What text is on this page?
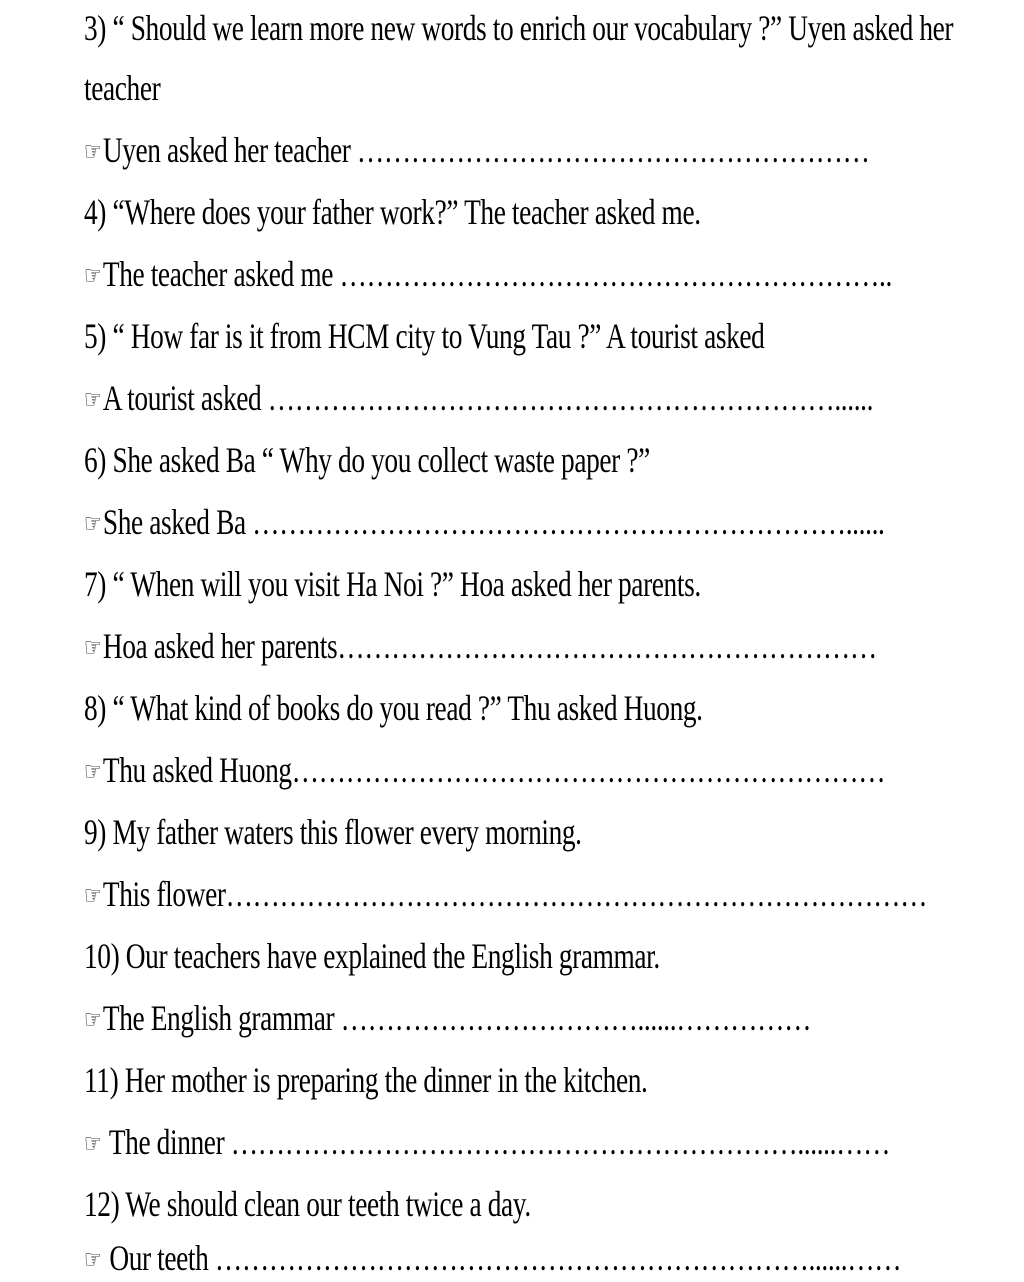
3) “ Should we learn more new words to enrich our vocabulary ?” Uyen asked her
teacher
☞Uyen asked her teacher …………………………………………………
4) “Where does your father work?” The teacher asked me.
☞The teacher asked me ……………………………………………………..
5) “ How far is it from HCM city to Vung Tau ?” A tourist asked
☞A tourist asked ………………………………………………………......
6) She asked Ba “ Why do you collect waste paper ?”
☞She asked Ba …………………………………………………………......
7) “ When will you visit Ha Noi ?” Hoa asked her parents.
☞Hoa asked her parents……………………………………………………
8) “ What kind of books do you read ?” Thu asked Huong.
☞Thu asked Huong…………………………………………………………
9) My father waters this flower every morning.
☞This flower……………………………………………………………………
10) Our teachers have explained the English grammar.
☞The English grammar ……………………………......……………
11) Her mother is preparing the dinner in the kitchen.
☞ The dinner ………………………………………………………......……
12) We should clean our teeth twice a day.
☞ Our teeth …………………………………………………………......……
